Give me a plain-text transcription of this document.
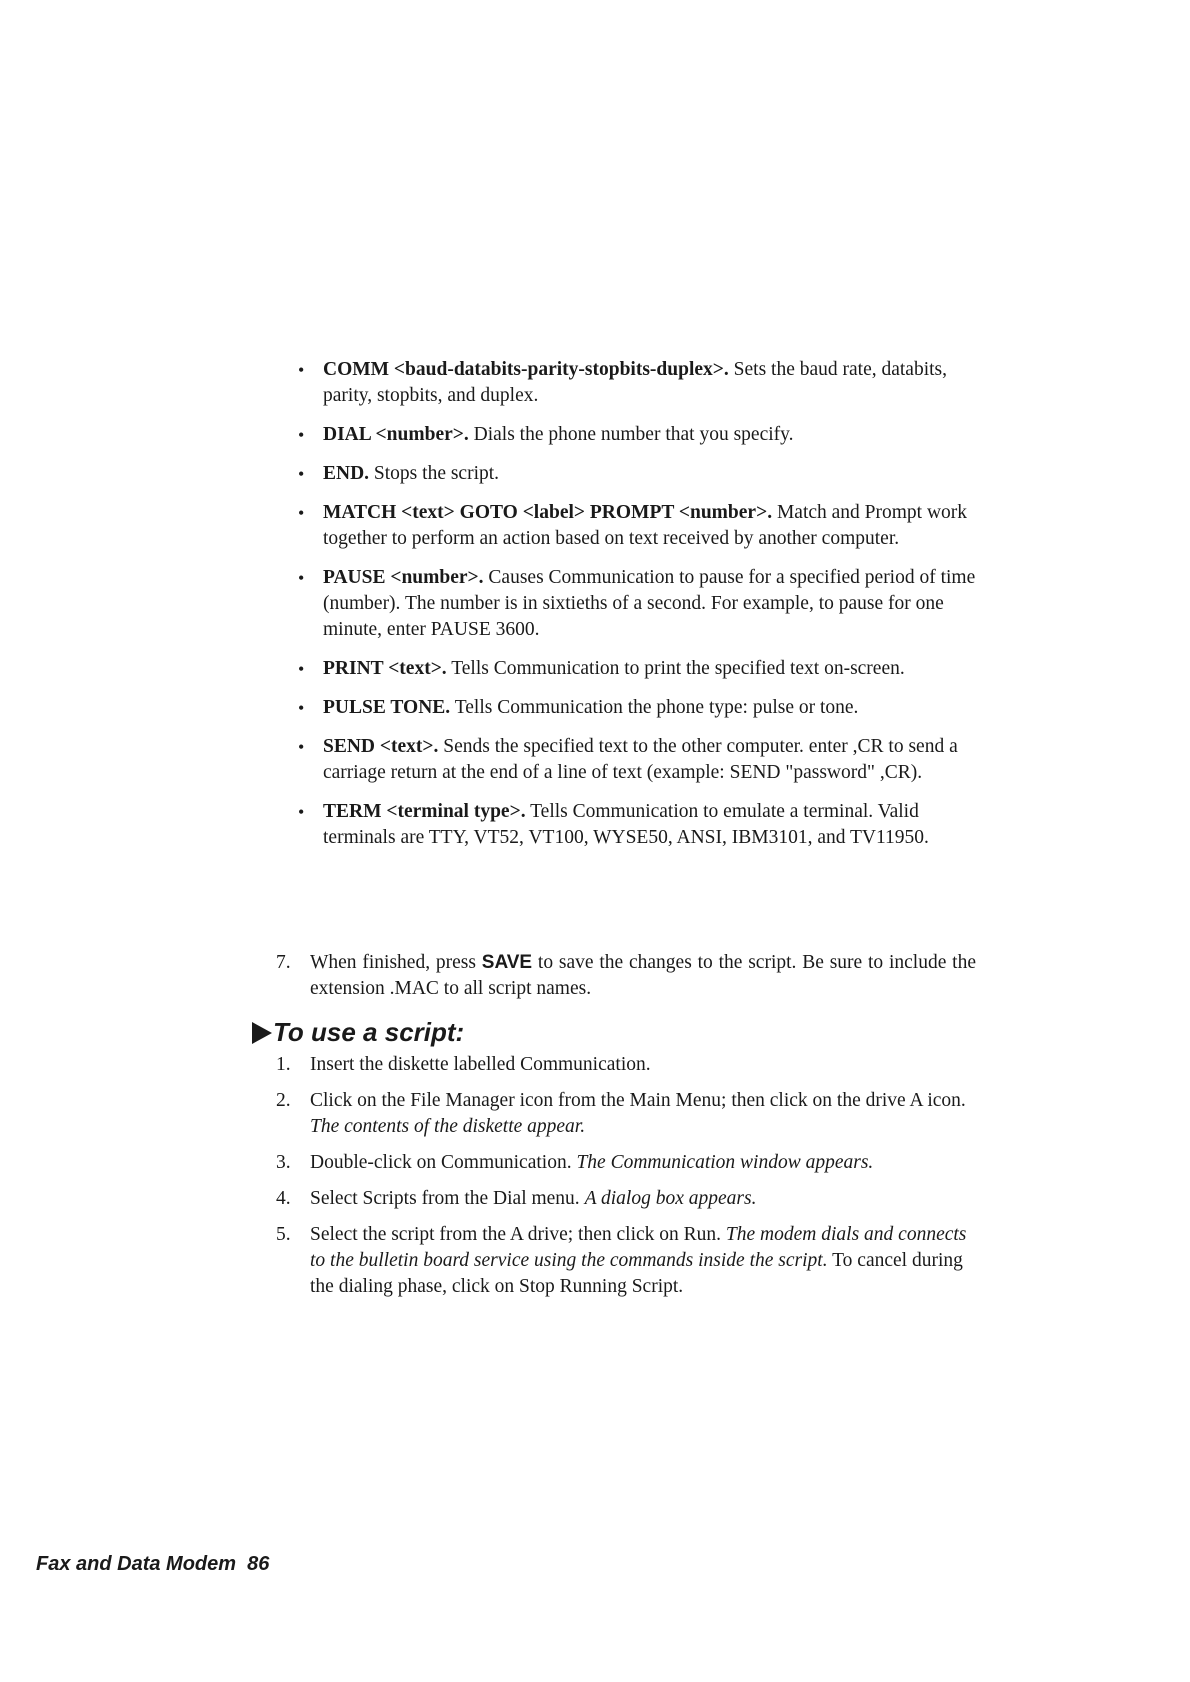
• COMM <baud-databits-parity-stopbits-duplex>. Sets the baud rate, databits, parity, stopbits, and duplex.
• DIAL <number>. Dials the phone number that you specify.
• END. Stops the script.
• MATCH <text> GOTO <label> PROMPT <number>. Match and Prompt work together to perform an action based on text received by another computer.
• PAUSE <number>. Causes Communication to pause for a specified period of time (number). The number is in sixtieths of a second. For example, to pause for one minute, enter PAUSE 3600.
• PRINT <text>. Tells Communication to print the specified text on-screen.
• PULSE TONE. Tells Communication the phone type: pulse or tone.
• SEND <text>. Sends the specified text to the other computer. enter ,CR to send a carriage return at the end of a line of text (example: SEND "password" ,CR).
• TERM <terminal type>. Tells Communication to emulate a terminal. Valid terminals are TTY, VT52, VT100, WYSE50, ANSI, IBM3101, and TV11950.
7. When finished, press SAVE to save the changes to the script. Be sure to include the extension .MAC to all script names.
To use a script:
1. Insert the diskette labelled Communication.
2. Click on the File Manager icon from the Main Menu; then click on the drive A icon. The contents of the diskette appear.
3. Double-click on Communication. The Communication window appears.
4. Select Scripts from the Dial menu. A dialog box appears.
5. Select the script from the A drive; then click on Run. The modem dials and connects to the bulletin board service using the commands inside the script. To cancel during the dialing phase, click on Stop Running Script.
Fax and Data Modem 86
